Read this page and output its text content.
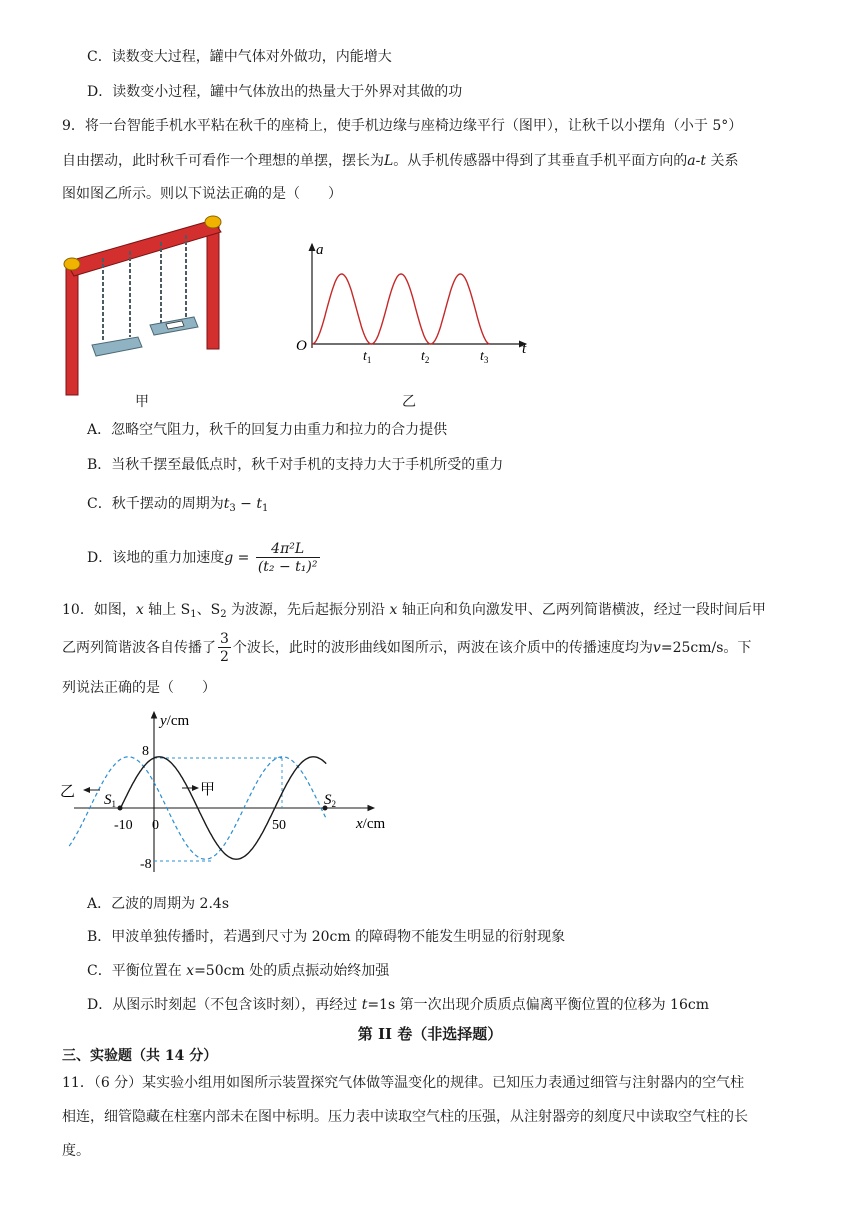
C．读数变大过程，罐中气体对外做功，内能增大
D．读数变小过程，罐中气体放出的热量大于外界对其做的功
9．将一台智能手机水平粘在秋千的座椅上，使手机边缘与座椅边缘平行（图甲），让秋千以小摆角（小于 5°）
自由摆动，此时秋千可看作一个理想的单摆，摆长为L。从手机传感器中得到了其垂直手机平面方向的a-t 关系
图如图乙所示。则以下说法正确的是（　　）
甲
a
t
O
$t_1$	$t_2$	$t_3$
乙
A．忽略空气阻力，秋千的回复力由重力和拉力的合力提供
B．当秋千摆至最低点时，秋千对手机的支持力大于手机所受的重力
C．秋千摆动的周期为$t_3 - t_1$
D．该地的重力加速度$g = \frac{\text{4π²L}}{\text{(t₂ − t₁)²}}$
10．如图，x 轴上 $S_1$、$S_2$ 为波源，先后起振分别沿 x 轴正向和负向激发甲、乙两列简谐横波，经过一段时间后甲
乙两列简谐波各自传播了 $\frac{3}{2}$ 个波长，此时的波形曲线如图所示，两波在该介质中的传播速度均为v=25cm/s。下
列说法正确的是（　　）
y/cm
x/cm
8
-8
-10 0	50
乙	甲
$S_1$	$S_2$
A．乙波的周期为 2.4s
B．甲波单独传播时，若遇到尺寸为 20cm 的障碍物不能发生明显的衍射现象
C．平衡位置在 x=50cm 处的质点振动始终加强
D．从图示时刻起（不包含该时刻），再经过 t=1s 第一次出现介质质点偏离平衡位置的位移为 16cm
第 II 卷（非选择题）
三、实验题（共 14 分）
11．（6 分）某实验小组用如图所示装置探究气体做等温变化的规律。已知压力表通过细管与注射器内的空气柱
相连，细管隐藏在柱塞内部未在图中标明。压力表中读取空气柱的压强，从注射器旁的刻度尺中读取空气柱的长
度。
